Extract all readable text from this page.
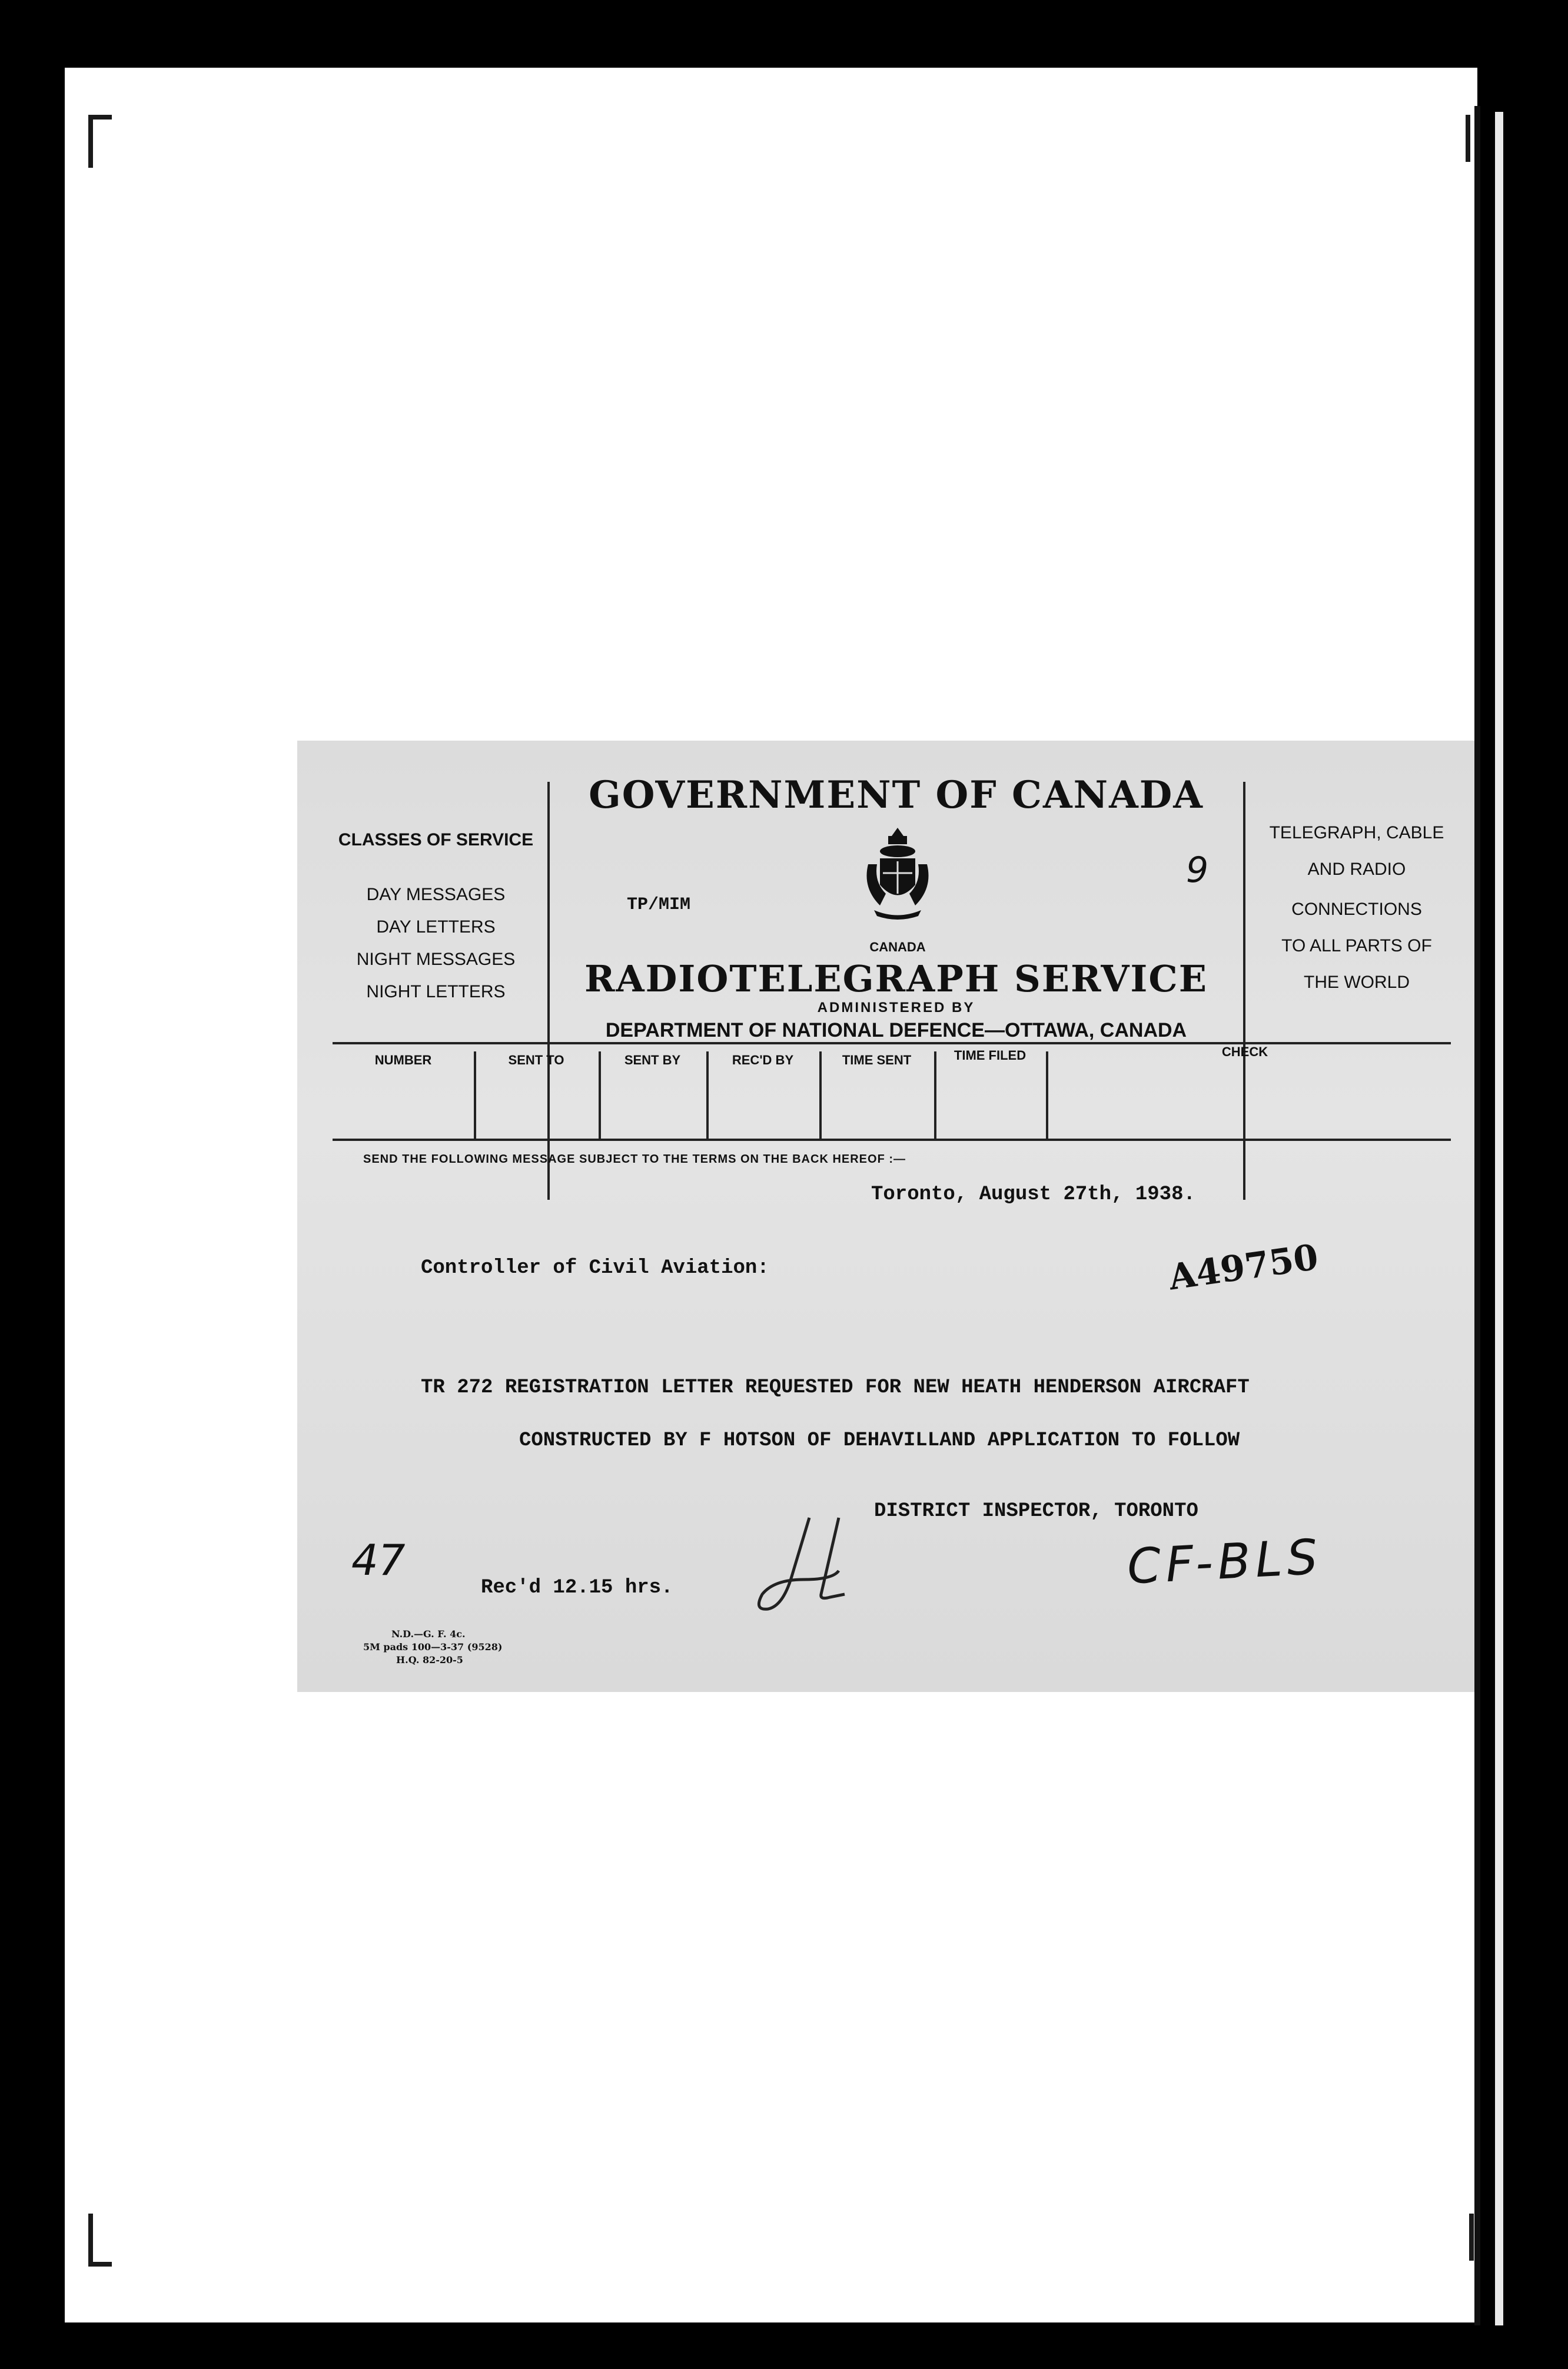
CLASSES OF SERVICE
DAY MESSAGES
DAY LETTERS
NIGHT MESSAGES
NIGHT LETTERS
GOVERNMENT OF CANADA
CANADA
TP/MIM
9
RADIOTELEGRAPH SERVICE
ADMINISTERED BY
DEPARTMENT OF NATIONAL DEFENCE—OTTAWA, CANADA
TELEGRAPH, CABLE
AND RADIO
CONNECTIONS
TO ALL PARTS OF
THE WORLD
NUMBER	SENT TO	SENT BY	REC'D BY	TIME SENT	TIME FILED	CHECK
SEND THE FOLLOWING MESSAGE SUBJECT TO THE TERMS ON THE BACK HEREOF :—
Toronto, August 27th, 1938.
Controller of Civil Aviation:	A49750
TR 272 REGISTRATION LETTER REQUESTED FOR NEW HEATH HENDERSON AIRCRAFT
CONSTRUCTED BY F HOTSON OF DEHAVILLAND APPLICATION TO FOLLOW
DISTRICT INSPECTOR, TORONTO
47	CF-BLS
Rec'd 12.15 hrs.
N.D.—G. F. 4c.
5M pads 100—3-37 (9528)
H.Q. 82-20-5
